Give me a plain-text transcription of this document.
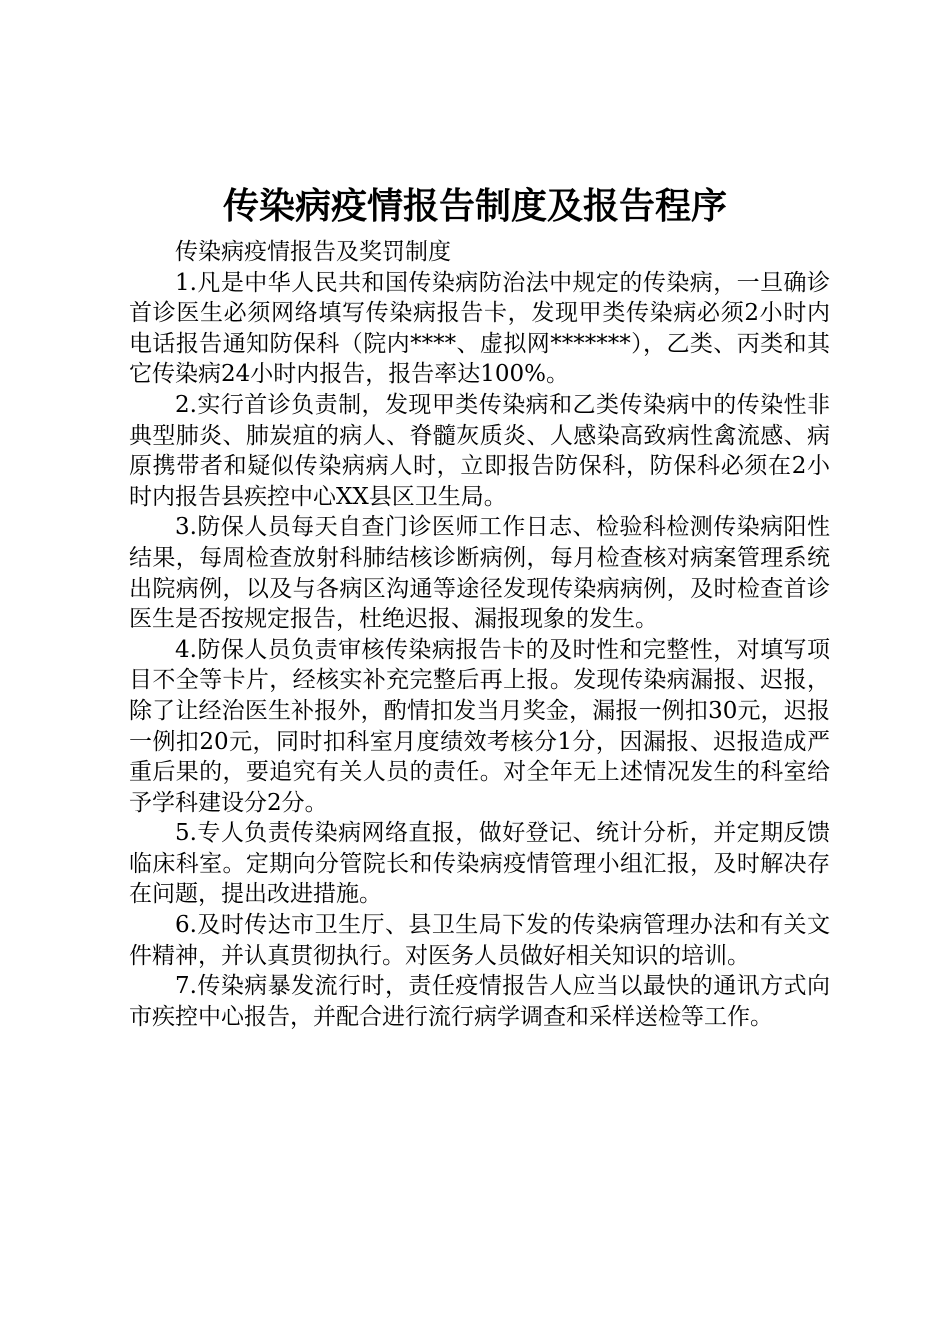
传染病疫情报告制度及报告程序

传染病疫情报告及奖罚制度

1.凡是中华人民共和国传染病防治法中规定的传染病，一旦确诊首诊医生必须网络填写传染病报告卡，发现甲类传染病必须2小时内电话报告通知防保科（院内****、虚拟网*******），乙类、丙类和其它传染病24小时内报告，报告率达100%。

2.实行首诊负责制，发现甲类传染病和乙类传染病中的传染性非典型肺炎、肺炭疽的病人、脊髓灰质炎、人感染高致病性禽流感、病原携带者和疑似传染病病人时，立即报告防保科，防保科必须在2小时内报告县疾控中心XX县区卫生局。

3.防保人员每天自查门诊医师工作日志、检验科检测传染病阳性结果，每周检查放射科肺结核诊断病例，每月检查核对病案管理系统出院病例，以及与各病区沟通等途径发现传染病病例，及时检查首诊医生是否按规定报告，杜绝迟报、漏报现象的发生。

4.防保人员负责审核传染病报告卡的及时性和完整性，对填写项目不全等卡片，经核实补充完整后再上报。发现传染病漏报、迟报，除了让经治医生补报外，酌情扣发当月奖金，漏报一例扣30元，迟报一例扣20元，同时扣科室月度绩效考核分1分，因漏报、迟报造成严重后果的，要追究有关人员的责任。对全年无上述情况发生的科室给予学科建设分2分。

5.专人负责传染病网络直报，做好登记、统计分析，并定期反馈临床科室。定期向分管院长和传染病疫情管理小组汇报，及时解决存在问题，提出改进措施。

6.及时传达市卫生厅、县卫生局下发的传染病管理办法和有关文件精神，并认真贯彻执行。对医务人员做好相关知识的培训。

7.传染病暴发流行时，责任疫情报告人应当以最快的通讯方式向市疾控中心报告，并配合进行流行病学调查和采样送检等工作。
